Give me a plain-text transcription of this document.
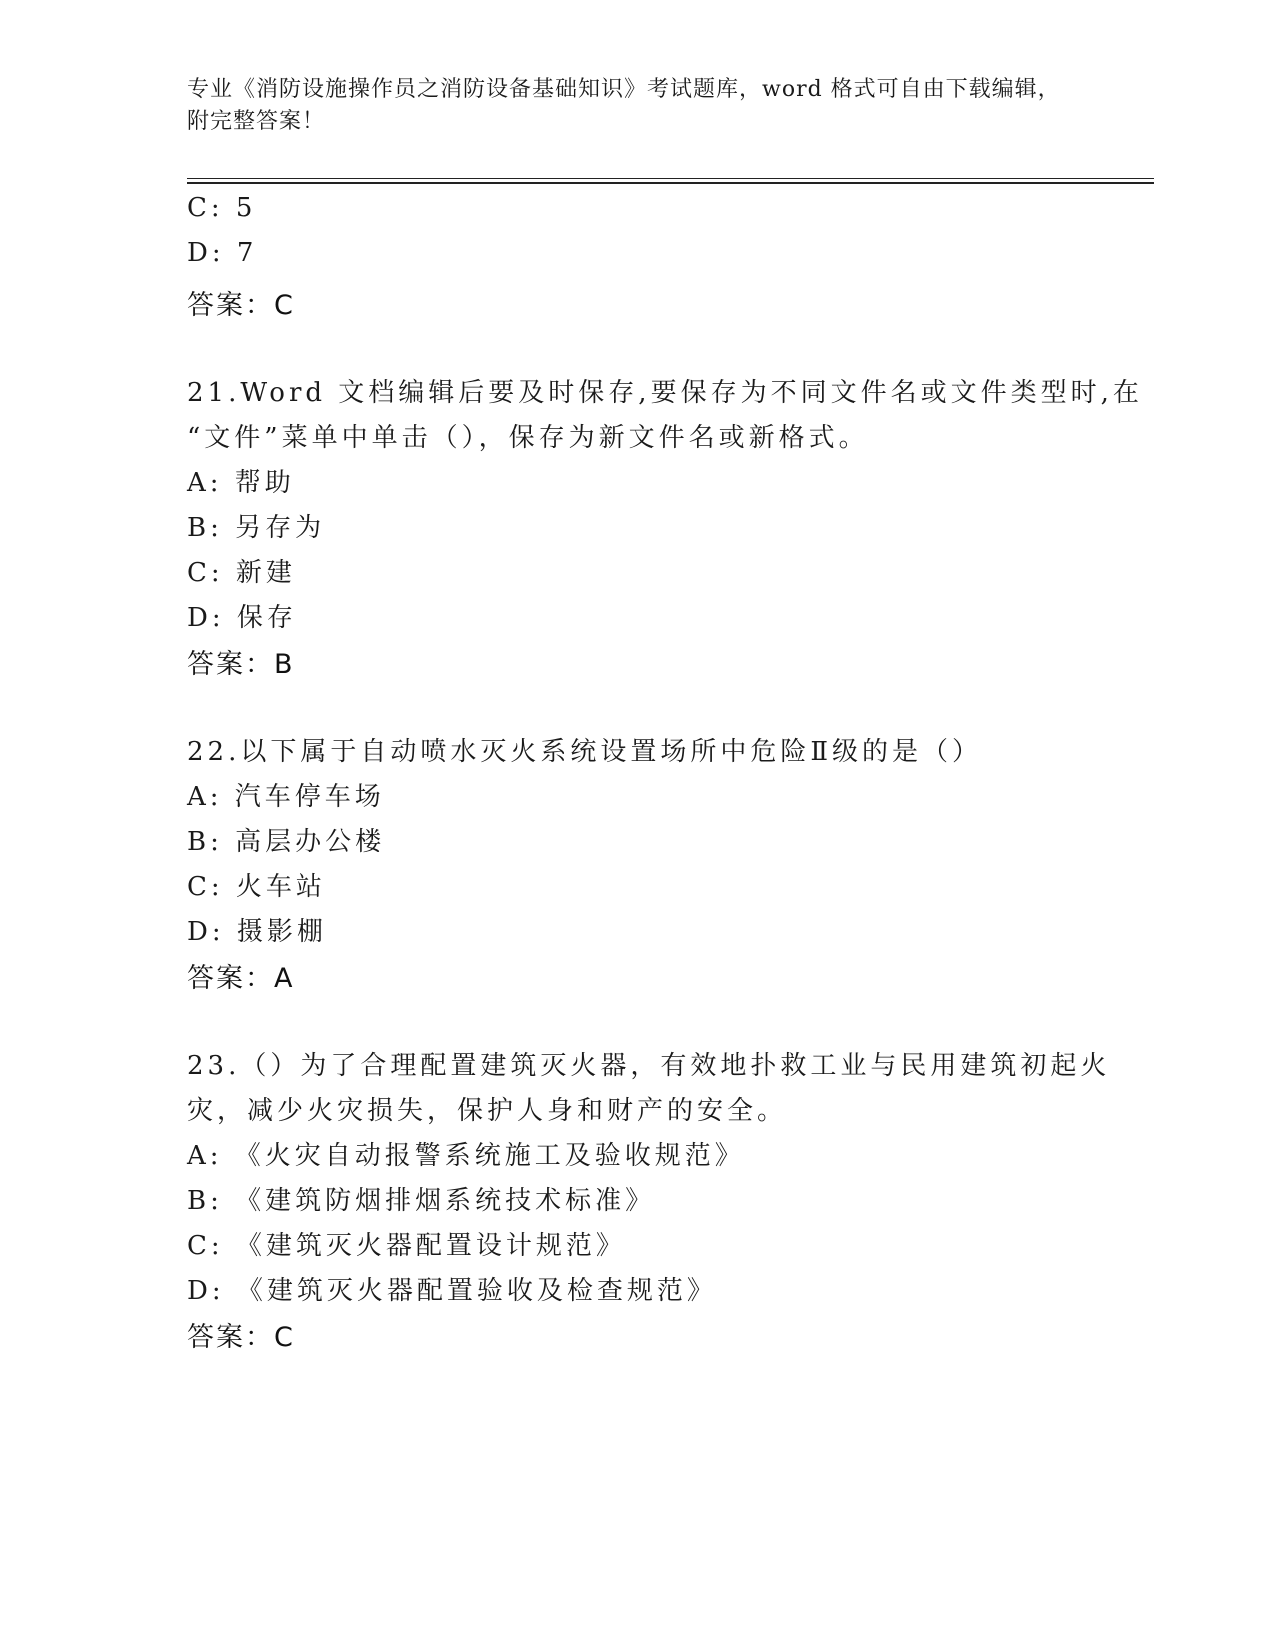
专业《消防设施操作员之消防设备基础知识》考试题库，word 格式可自由下载编辑，附完整答案！
C: 5
D: 7
答案：C
21.Word 文档编辑后要及时保存,要保存为不同文件名或文件类型时,在
“文件”菜单中单击（），保存为新文件名或新格式。
A: 帮助
B: 另存为
C: 新建
D: 保存
答案：B
22.以下属于自动喷水灭火系统设置场所中危险Ⅱ级的是（）
A: 汽车停车场
B: 高层办公楼
C: 火车站
D: 摄影棚
答案：A
23.（）为了合理配置建筑灭火器，有效地扑救工业与民用建筑初起火
灾，减少火灾损失，保护人身和财产的安全。
A: 《火灾自动报警系统施工及验收规范》
B: 《建筑防烟排烟系统技术标准》
C: 《建筑灭火器配置设计规范》
D: 《建筑灭火器配置验收及检查规范》
答案：C
